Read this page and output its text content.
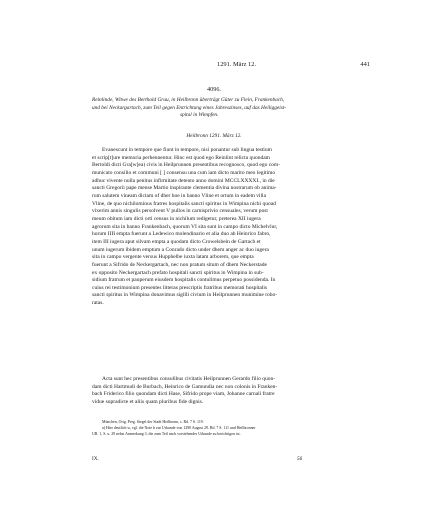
1291. März 12.	441
4096.
Reinlinde, Witwe des Berthold Grau, in Heilbronn überträgt Güter zu Flein, Frankenbach,
und bei Neckargartach, zum Teil gegen Entrichtung eines Jahreszinses, auf das Heiliggeist-
spital in Wimpfen.
Heilbronn 1291. März 12.
Evanescunt in tempore que fiunt in tempore, nisi ponantur sub lingua testium
et scrip[t]ure memoria perhennentur. Hinc est quod ego Reinlint relicta quondam
Bertoldi dicti Gra[w]ea) civis in Heilprunnen presentibus recognosco, quod ego com-
municato consilio et communi [ ] consensu una cum iam dicto marito meo legitimo
adhuc vivente nulla penitus infirmitate detento anno domini MCCLXXXXI., in die
sancti Gregorii pape mense Martio inspirante clementia divina nostrarum ob anima-
rum salutem vineam dictam of dher hoe in banno Vline et ortum in eadem villa
Vline, de quo nichilominus fratres hospitalis sancti spiritus in Wimpina nichi quoad
vixerim annis singulis persolvent V pullos in carnisprivio censuales, verum post
meum obitum iam dicti orti census in nichilum redigetur, preterea XII iugera
agrorum sita in banno Frankenbach, quorum VI sita sunt in campo dicto Michelvlur,
horum IIII empta fuerunt a Ledewico molendinario et alia duo ab Heinrico fabro,
item III iugera aput silvam empta a quodam dicto Crowelsbein de Gartach et
unum iugerum ibidem emptum a Conrado dicto under dhem anger ac duo iugera
sita in campo vergente versus Hupphelbe iuxta latam arborem, que empta
fuerunt a Sifrido de Neckergartach, nec non pratum situm of dhem Neckerstade
ex opposito Neckergartach prefato hospitali sancti spiritus in Wimpina in sub-
sidium fratrum et pauperum eiusdem hospitalis contulimus perpetuo possidenda. In
cuius rei testimonium presentes litteras prescriptis fratribus memorati hospitalis
sancti spiritus in Wimpina donavimus sigilli civium in Heilprunnen munimine robo-
ratas.
Acta sunt hec presentibus consulibus civitatis Heilprunnen Gerardo filio quon-
dam dicti Hartmudi de Burbach, Heinrico de Gamundia nec non colonis in Franken-
bach Friderico filio quondam dicti Hase, Sifrido prope viam, Johanne carnali fratre
vidue supradicte et aliis quam pluribus fide dignis.
München, Orig. Perg. Siegel der Stadt Heilbronn, s. Bd. 7 S. 119.
a) Hier deutlich w, vgl. die Note b zur Urkunde von 1290 August 29. Bd. 7 S. 111 und Heilbronner
UB. 1, S. u. 29 nebst Anmerkung 3, die zum Teil nach vorstehender Urkunde zu berichtigen ist.
IX.	56
